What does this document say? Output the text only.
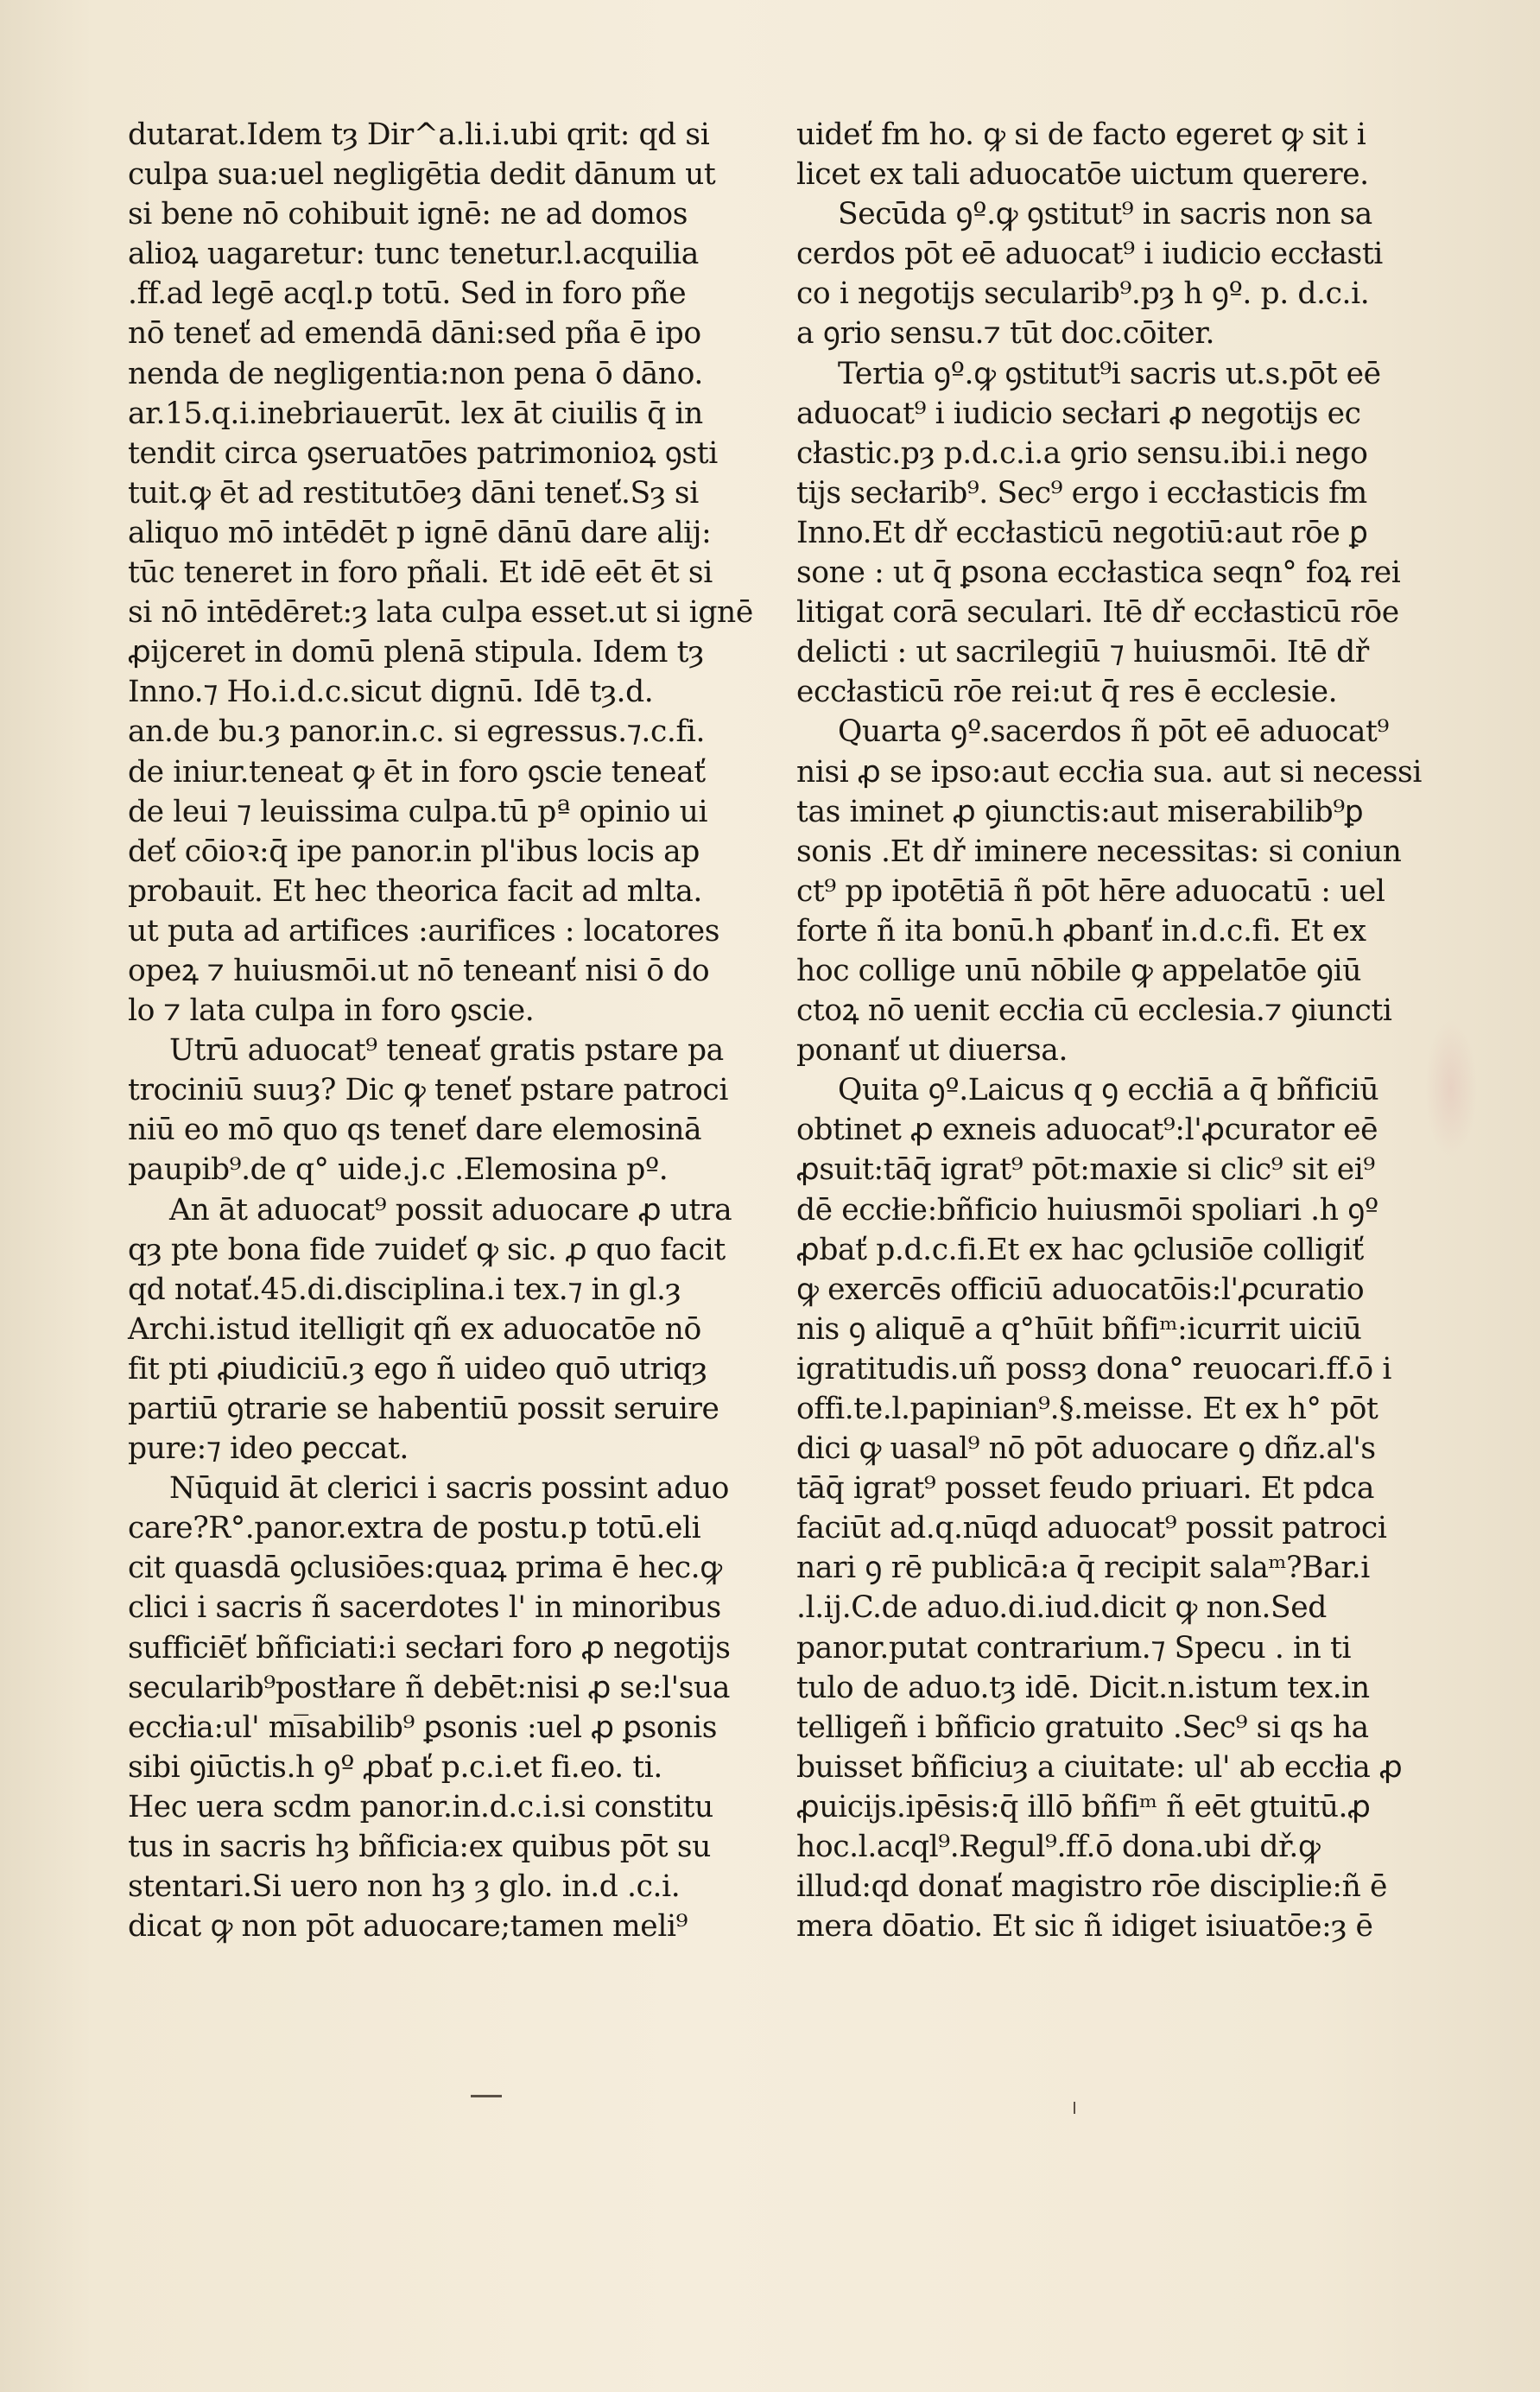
dutarat.Idem tȝ Dir^a.li.i.ubi qrit: qd si
culpa sua:uel negligētia dedit dānum ut
si bene nō cohibuit ignē: ne ad domos
alioꝝ uagaretur: tunc tenetur.l.acquilia
.ff.ad legē acql.p totū. Sed in foro pñe
nō teneť ad emendā dāni:sed pña ē ipo
nenda de negligentia:non pena ō dāno.
ar.15.q.i.inebriauerūt. lex āt ciuilis q̄ in
tendit circa ꝯseruatōes patrimonioꝝ ꝯsti
tuit.ꝙ ēt ad restitutōeȝ dāni teneť.Sȝ si
aliquo mō intēdēt p ignē dānū dare alij:
tūc teneret in foro pñali. Et idē eēt ēt si
si nō intēdēret:ȝ lata culpa esset.ut si ignē
ꝓijceret in domū plenā stipula. Idem tȝ
Inno.⁊ Ho.i.d.c.sicut dignū. Idē tȝ.d.
an.de bu.ȝ panor.in.c. si egressus.⁊.c.fi.
de iniur.teneat ꝙ ēt in foro ꝯscie teneať
de leui ⁊ leuissima culpa.tū pª opinio ui
deť cōioꝛ:q̄ ipe panor.in pl'ibus locis ap
probauit. Et hec theorica facit ad mlta.
ut puta ad artifices :aurifices : locatores
opeꝝ ⁊ huiusmōi.ut nō teneanť nisi ō do
lo ⁊ lata culpa in foro ꝯscie.
Utrū aduocat⁹ teneať gratis pstare pa
trociniū suuȝ? Dic ꝙ teneť pstare patroci
niū eo mō quo qs teneť dare elemosinā
paupib⁹.de q° uide.j.c .Elemosina pº.
An āt aduocat⁹ possit aduocare ꝓ utra
qȝ pte bona fide ⁊uideť ꝙ sic. ꝓ quo facit
qd notať.45.di.disciplina.i tex.⁊ in gl.ȝ
Archi.istud itelligit qñ ex aduocatōe nō
fit pti ꝓiudiciū.ȝ ego ñ uideo quō utriqȝ
partiū ꝯtrarie se habentiū possit seruire
pure:⁊ ideo ꝑeccat.
Nūquid āt clerici i sacris possint aduo
care?R°.panor.extra de postu.p totū.eli
cit quasdā ꝯclusiōes:quaꝝ prima ē hec.ꝙ
clici i sacris ñ sacerdotes l' in minoribus
sufficiēť bñficiati:i secłari foro ꝓ negotijs
secularib⁹postłare ñ debēt:nisi ꝓ se:l'sua
eccłia:ul' mi̅sabilib⁹ ꝑsonis :uel ꝓ ꝑsonis
sibi ꝯiūctis.h ꝯº ꝓbať p.c.i.et fi.eo. ti.
Hec uera scdm panor.in.d.c.i.si constitu
tus in sacris hȝ bñficia:ex quibus pōt su
stentari.Si uero non hȝ ȝ glo. in.d .c.i.
dicat ꝙ non pōt aduocare;tamen meli⁹
uideť fm ho. ꝙ si de facto egeret ꝙ sit i
licet ex tali aduocatōe uictum querere.
Secūda ꝯº.ꝙ ꝯstitut⁹ in sacris non sa
cerdos pōt eē aduocat⁹ i iudicio eccłasti
co i negotijs secularib⁹.pȝ h ꝯº. p. d.c.i.
a ꝯrio sensu.⁊ tūt doc.cōiter.
Tertia ꝯº.ꝙ ꝯstitut⁹i sacris ut.s.pōt eē
aduocat⁹ i iudicio secłari ꝓ negotijs ec
cłastic.pȝ p.d.c.i.a ꝯrio sensu.ibi.i nego
tijs secłarib⁹. Sec⁹ ergo i eccłasticis fm
Inno.Et dř eccłasticū negotiū:aut rōe ꝑ
sone : ut q̄ ꝑsona eccłastica seqn° foꝝ rei
litigat corā seculari. Itē dř eccłasticū rōe
delicti : ut sacrilegiū ⁊ huiusmōi. Itē dř
eccłasticū rōe rei:ut q̄ res ē ecclesie.
Quarta ꝯº.sacerdos ñ pōt eē aduocat⁹
nisi ꝓ se ipso:aut eccłia sua. aut si necessi
tas iminet ꝓ ꝯiunctis:aut miserabilib⁹ꝑ
sonis .Et dř iminere necessitas: si coniun
ct⁹ pp ipotētiā ñ pōt hēre aduocatū : uel
forte ñ ita bonū.h ꝓbanť in.d.c.fi. Et ex
hoc collige unū nōbile ꝙ appelatōe ꝯiū
ctoꝝ nō uenit eccłia cū ecclesia.⁊ ꝯiuncti
ponanť ut diuersa.
Quita ꝯº.Laicus q ꝯ eccłiā a q̄ bñficiū
obtinet ꝓ exneis aduocat⁹:l'ꝓcurator eē
ꝓsuit:tāq̄ igrat⁹ pōt:maxie si clic⁹ sit ei⁹
dē eccłie:bñficio huiusmōi spoliari .h ꝯº
ꝓbať p.d.c.fi.Et ex hac ꝯclusiōe colligiť
ꝙ exercēs officiū aduocatōis:l'ꝓcuratio
nis ꝯ aliquē a q°hūit bñfiᵐ:icurrit uiciū
igratitudis.uñ possȝ dona° reuocari.ff.ō i
offi.te.l.papinian⁹.§.meisse. Et ex h° pōt
dici ꝙ uasal⁹ nō pōt aduocare ꝯ dñz.al's
tāq̄ igrat⁹ posset feudo priuari. Et pdca
faciūt ad.q.nūqd aduocat⁹ possit patroci
nari ꝯ rē publicā:a q̄ recipit salaᵐ?Bar.i
.l.ij.C.de aduo.di.iud.dicit ꝙ non.Sed
panor.putat contrarium.⁊ Specu . in ti
tulo de aduo.tȝ idē. Dicit.n.istum tex.in
telligeñ i bñficio gratuito .Sec⁹ si qs ha
buisset bñficiuȝ a ciuitate: ul' ab eccłia ꝓ
ꝓuicijs.ipēsis:q̄ illō bñfiᵐ ñ eēt gtuitū.ꝓ
hoc.l.acql⁹.Regul⁹.ff.ō dona.ubi dř.ꝙ
illud:qd donať magistro rōe disciplie:ñ ē
mera dōatio. Et sic ñ idiget isiuatōe:ȝ ē
